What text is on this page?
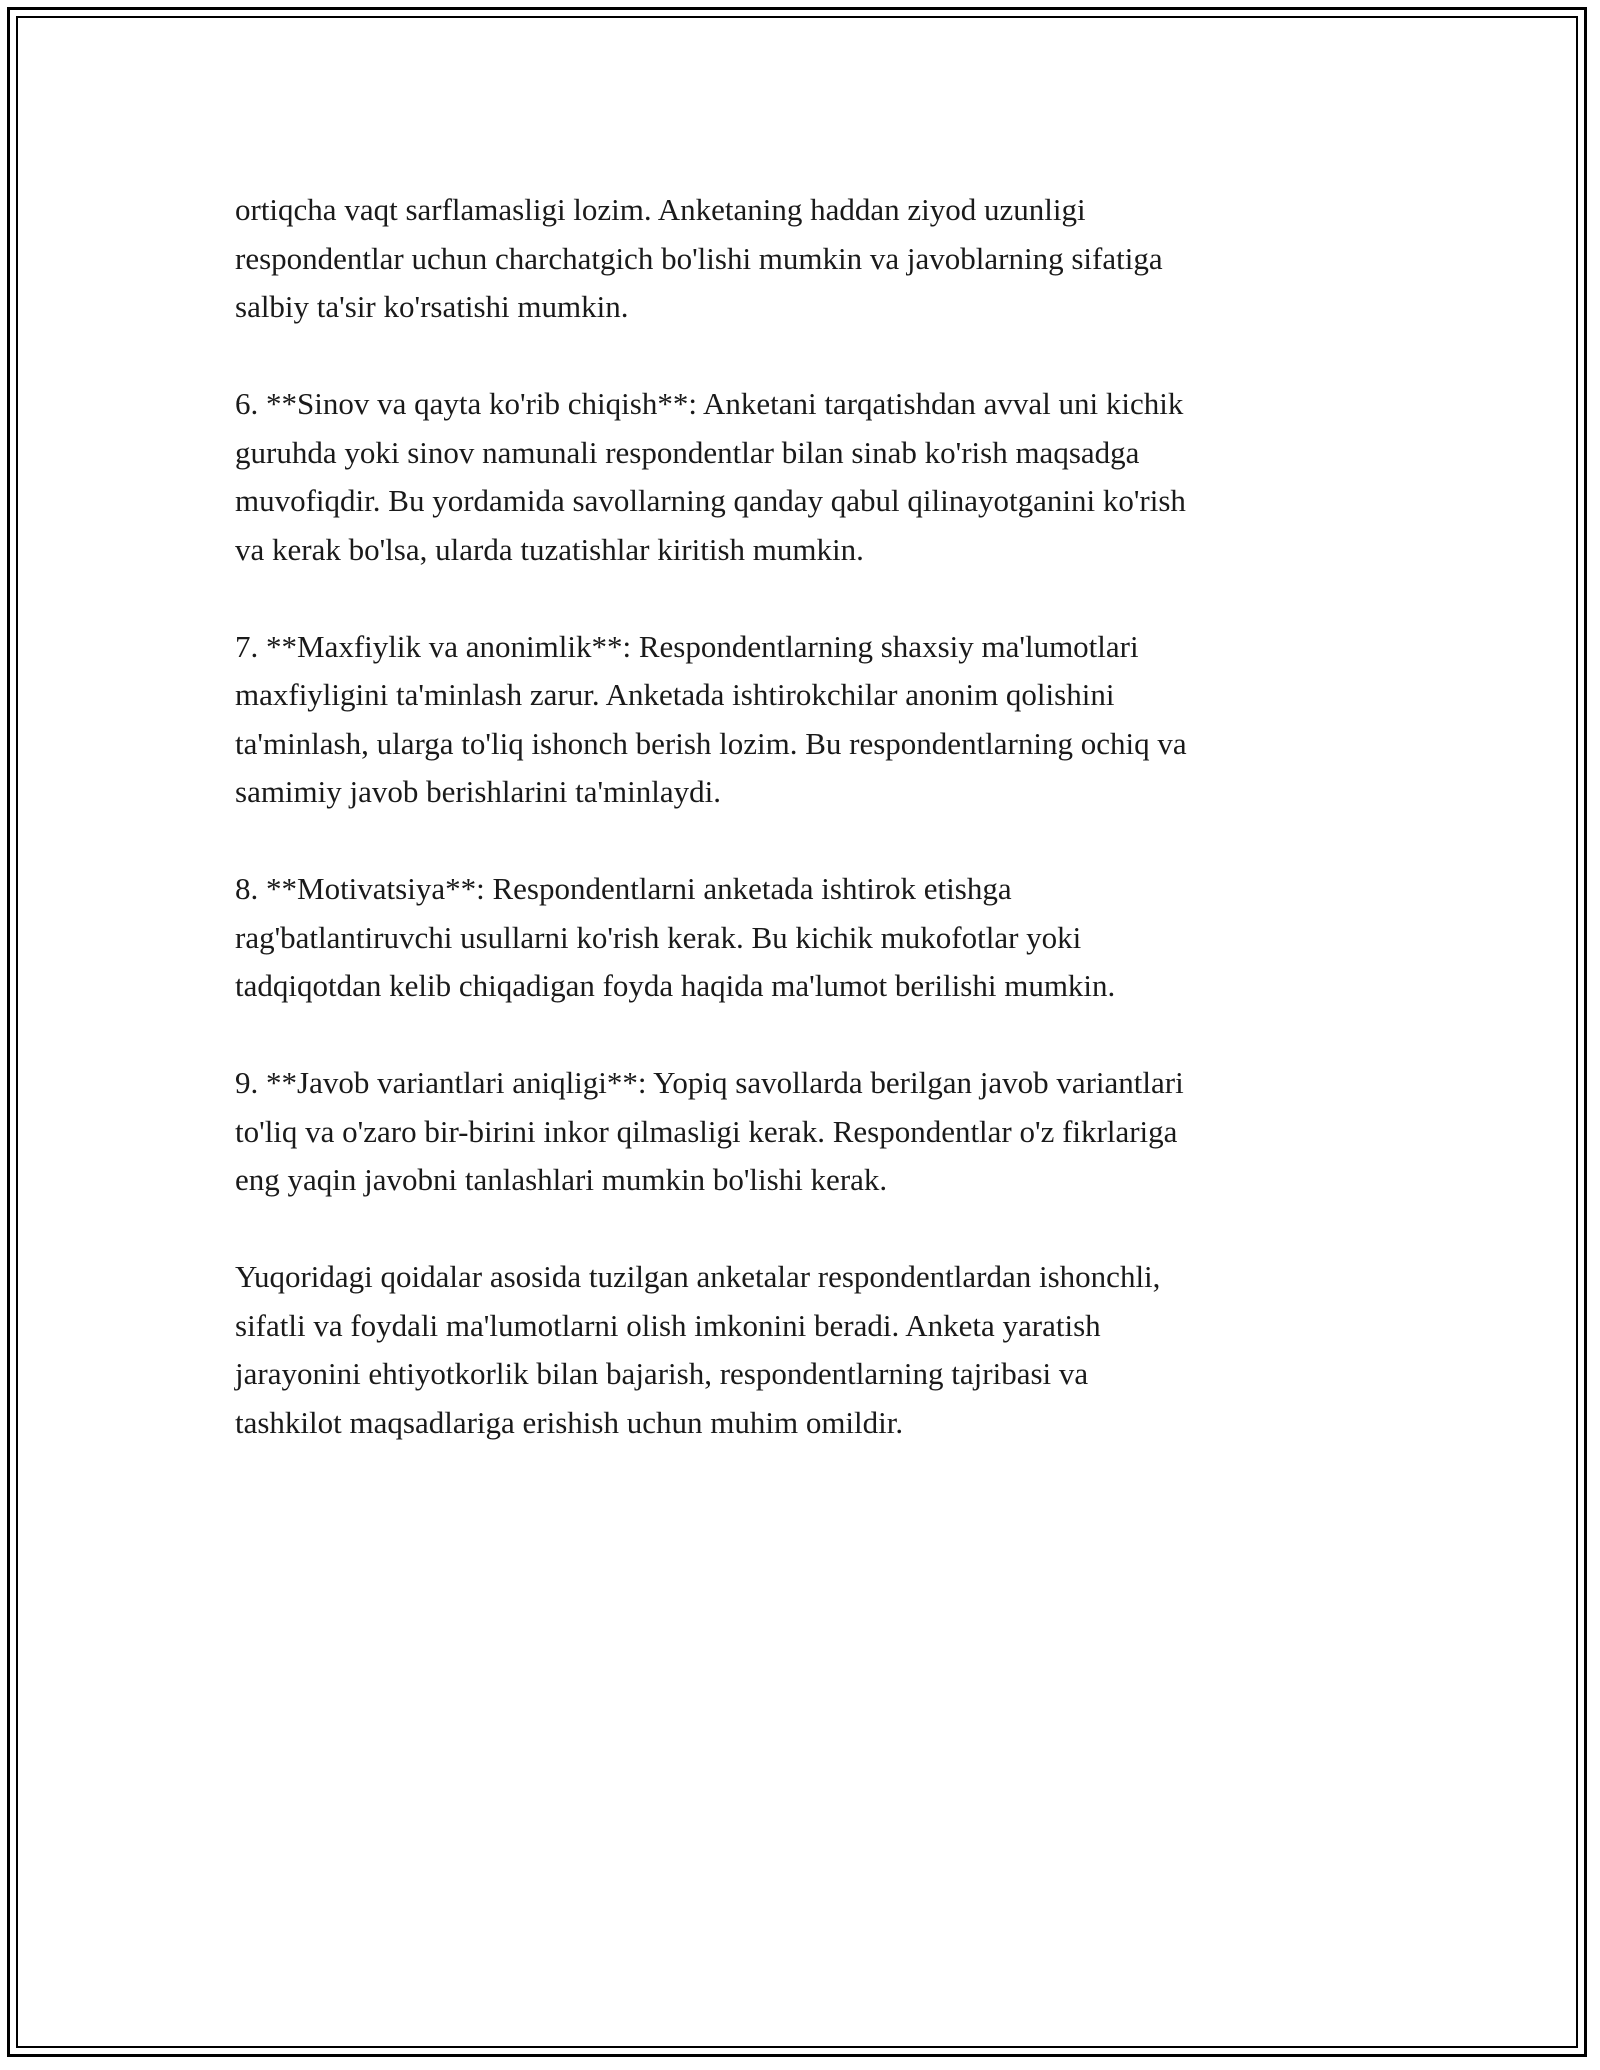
ortiqcha vaqt sarflamasligi lozim. Anketaning haddan ziyod uzunligi
respondentlar uchun charchatgich bo'lishi mumkin va javoblarning sifatiga
salbiy ta'sir ko'rsatishi mumkin.

6. **Sinov va qayta ko'rib chiqish**: Anketani tarqatishdan avval uni kichik
guruhda yoki sinov namunali respondentlar bilan sinab ko'rish maqsadga
muvofiqdir. Bu yordamida savollarning qanday qabul qilinayotganini ko'rish
va kerak bo'lsa, ularda tuzatishlar kiritish mumkin.

7. **Maxfiylik va anonimlik**: Respondentlarning shaxsiy ma'lumotlari
maxfiyligini ta'minlash zarur. Anketada ishtirokchilar anonim qolishini
ta'minlash, ularga to'liq ishonch berish lozim. Bu respondentlarning ochiq va
samimiy javob berishlarini ta'minlaydi.

8. **Motivatsiya**: Respondentlarni anketada ishtirok etishga
rag'batlantiruvchi usullarni ko'rish kerak. Bu kichik mukofotlar yoki
tadqiqotdan kelib chiqadigan foyda haqida ma'lumot berilishi mumkin.

9. **Javob variantlari aniqligi**: Yopiq savollarda berilgan javob variantlari
to'liq va o'zaro bir-birini inkor qilmasligi kerak. Respondentlar o'z fikrlariga
eng yaqin javobni tanlashlari mumkin bo'lishi kerak.

Yuqoridagi qoidalar asosida tuzilgan anketalar respondentlardan ishonchli,
sifatli va foydali ma'lumotlarni olish imkonini beradi. Anketa yaratish
jarayonini ehtiyotkorlik bilan bajarish, respondentlarning tajribasi va
tashkilot maqsadlariga erishish uchun muhim omildir.
